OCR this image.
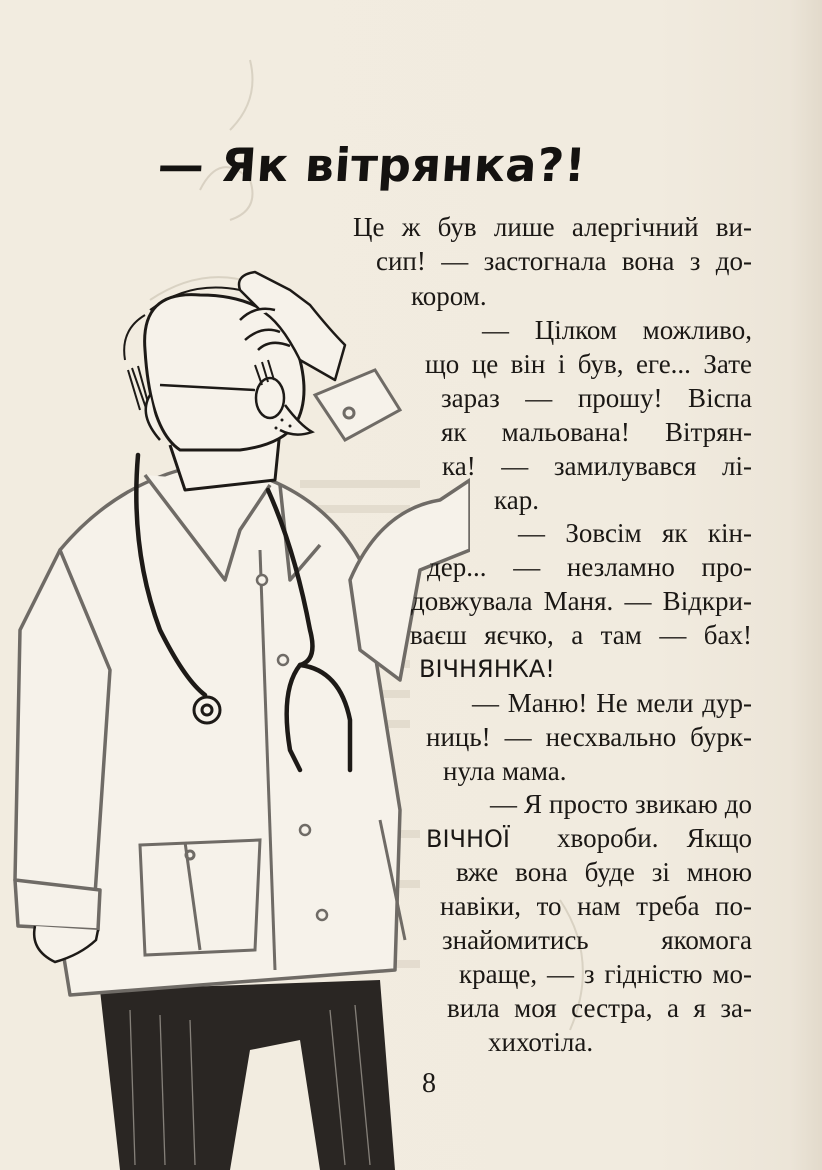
— Як вітрянка?!
Це ж був лише алергічний ви-
сип! — застогнала вона з до-
кором.
— Цілком можливо,
що це він і був, еге... Зате
зараз — прошу! Віспа
як мальована! Вітрян-
ка! — замилувався лі-
кар.
— Зовсім як кін-
дер... — незламно про-
довжувала Маня. — Відкри-
ваєш яєчко, а там — бах!
ВІЧНЯНКА!
— Маню! Не мели дур-
ниць! — несхвально бурк-
нула мама.
— Я просто звикаю до
ВІЧНОЇ хвороби. Якщо
вже вона буде зі мною
навіки, то нам треба по-
знайомитись якомога
краще, — з гідністю мо-
вила моя сестра, а я за-
хихотіла.
8
